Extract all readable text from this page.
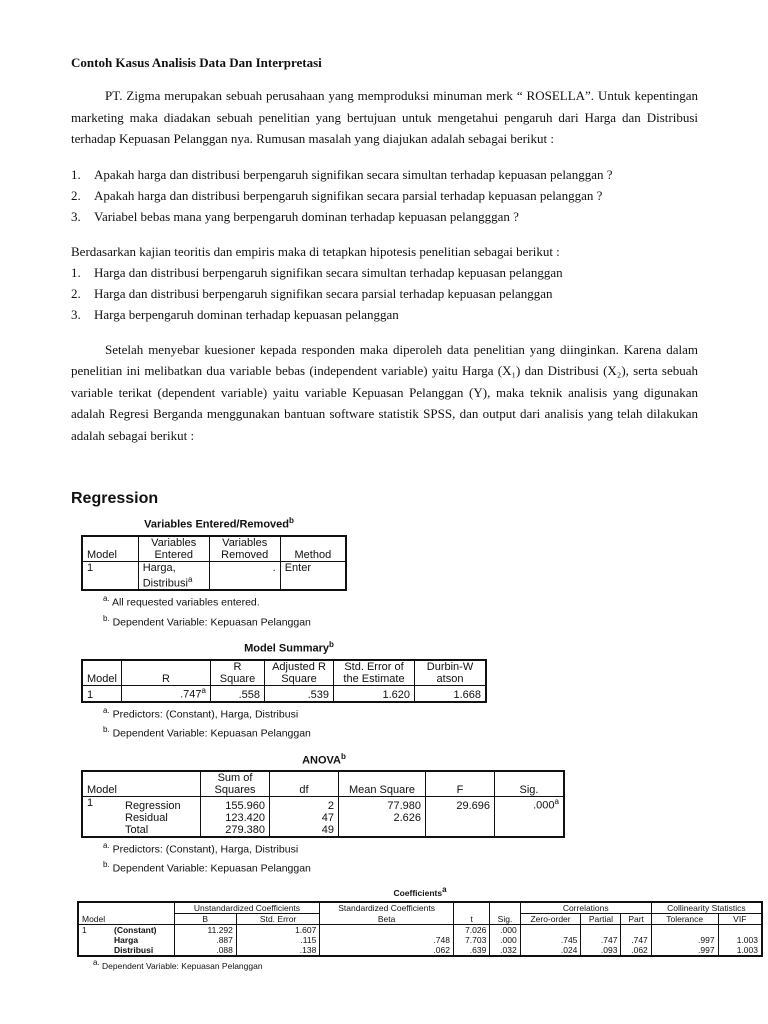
Contoh Kasus Analisis Data Dan Interpretasi

PT. Zigma merupakan sebuah perusahaan yang memproduksi minuman merk “ ROSELLA”. Untuk kepentingan marketing maka diadakan sebuah penelitian yang bertujuan untuk mengetahui pengaruh dari Harga dan Distribusi terhadap Kepuasan Pelanggan nya. Rumusan masalah yang diajukan adalah sebagai berikut :

1. Apakah harga dan distribusi berpengaruh signifikan secara simultan terhadap kepuasan pelanggan ?
2. Apakah harga dan distribusi berpengaruh signifikan secara parsial terhadap kepuasan pelanggan ?
3. Variabel bebas mana yang berpengaruh dominan terhadap kepuasan pelangggan ?

Berdasarkan kajian teoritis dan empiris maka di tetapkan hipotesis penelitian sebagai berikut :

1. Harga dan distribusi berpengaruh signifikan secara simultan terhadap kepuasan pelanggan
2. Harga dan distribusi berpengaruh signifikan secara parsial terhadap kepuasan pelanggan
3. Harga berpengaruh dominan terhadap kepuasan pelanggan

Setelah menyebar kuesioner kepada responden maka diperoleh data penelitian yang diinginkan. Karena dalam penelitian ini melibatkan dua variable bebas (independent variable) yaitu Harga (X₁) dan Distribusi (X₂), serta sebuah variable terikat (dependent variable) yaitu variable Kepuasan Pelanggan (Y), maka teknik analisis yang digunakan adalah Regresi Berganda menggunakan bantuan software statistik SPSS, dan output dari analisis yang telah dilakukan adalah sebagai berikut :

Regression

Variables Entered/Removed$^b$
Model	Variables Entered	Variables Removed	Method
1	Harga, Distribusi$^a$	.	Enter
$^{a.}$ All requested variables entered.
$^{b.}$ Dependent Variable: Kepuasan Pelanggan
Model Summary$^b$
Model	R	R Square	Adjusted R Square	Std. Error of the Estimate	Durbin-W atson
1	.747$^a$	.558	.539	1.620	1.668
$^{a.}$ Predictors: (Constant), Harga, Distribusi
$^{b.}$ Dependent Variable: Kepuasan Pelanggan
ANOVA$^b$
Model		Sum of Squares	df	Mean Square	F	Sig.
1	Regression	155.960	2	77.980	29.696	.000$^a$
	Residual	123.420	47	2.626		
	Total	279.380	49			
$^{a.}$ Predictors: (Constant), Harga, Distribusi
$^{b.}$ Dependent Variable: Kepuasan Pelanggan
Coefficientsa
		Unstandardized Coefficients		Standardized Coefficients			Correlations			Collinearity Statistics	
Model		B	Std. Error	Beta	t	Sig.	Zero-order	Partial	Part	Tolerance	VIF
1	(Constant)	11.292	1.607		7.026	.000					
	Harga	.887	.115	.748	7.703	.000	.745	.747	.747	.997	1.003
	Distribusi	.088	.138	.062	.639	.032	.024	.093	.062	.997	1.003
a. Dependent Variable: Kepuasan Pelanggan
